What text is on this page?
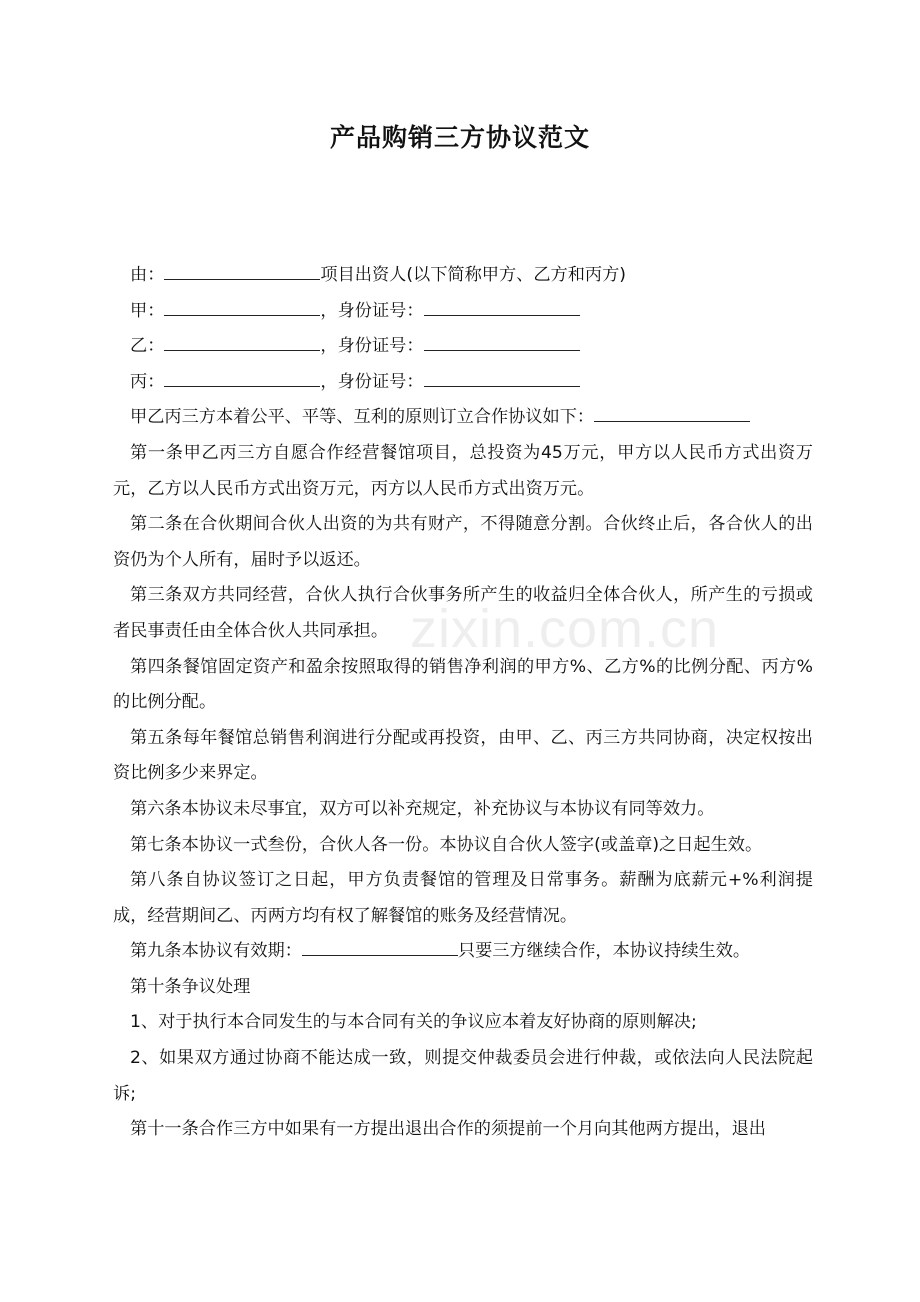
产品购销三方协议范文
zixin.com.cn

由：	项目出资人(以下简称甲方、乙方和丙方)

甲：	，身份证号：

乙：	，身份证号：

丙：	，身份证号：

甲乙丙三方本着公平、平等、互利的原则订立合作协议如下：

第一条甲乙丙三方自愿合作经营餐馆项目，总投资为45万元，甲方以人民币方式出资万元，乙方以人民币方式出资万元，丙方以人民币方式出资万元。

第二条在合伙期间合伙人出资的为共有财产，不得随意分割。合伙终止后，各合伙人的出资仍为个人所有，届时予以返还。

第三条双方共同经营，合伙人执行合伙事务所产生的收益归全体合伙人，所产生的亏损或者民事责任由全体合伙人共同承担。

第四条餐馆固定资产和盈余按照取得的销售净利润的甲方%、乙方%的比例分配、丙方%的比例分配。

第五条每年餐馆总销售利润进行分配或再投资，由甲、乙、丙三方共同协商，决定权按出资比例多少来界定。

第六条本协议未尽事宜，双方可以补充规定，补充协议与本协议有同等效力。

第七条本协议一式叁份，合伙人各一份。本协议自合伙人签字(或盖章)之日起生效。

第八条自协议签订之日起，甲方负责餐馆的管理及日常事务。薪酬为底薪元+%利润提成，经营期间乙、丙两方均有权了解餐馆的账务及经营情况。

第九条本协议有效期：	只要三方继续合作，本协议持续生效。

第十条争议处理

1、对于执行本合同发生的与本合同有关的争议应本着友好协商的原则解决;

2、如果双方通过协商不能达成一致，则提交仲裁委员会进行仲裁，或依法向人民法院起诉;

第十一条合作三方中如果有一方提出退出合作的须提前一个月向其他两方提出，退出
